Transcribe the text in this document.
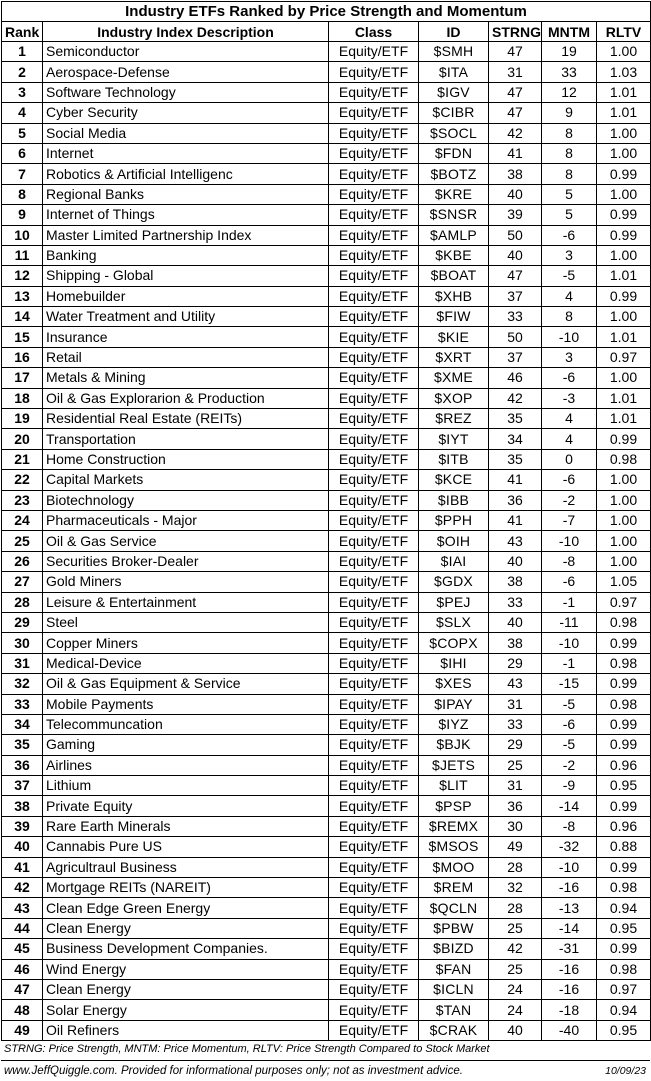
Industry ETFs Ranked by Price Strength and Momentum						
Rank	Industry Index Description	Class	ID	STRNG	MNTM	RLTV
1	Semiconductor	Equity/ETF	$SMH	47	19	1.00
2	Aerospace-Defense	Equity/ETF	$ITA	31	33	1.03
3	Software Technology	Equity/ETF	$IGV	47	12	1.01
4	Cyber Security	Equity/ETF	$CIBR	47	9	1.01
5	Social Media	Equity/ETF	$SOCL	42	8	1.00
6	Internet	Equity/ETF	$FDN	41	8	1.00
7	Robotics & Artificial Intelligenc	Equity/ETF	$BOTZ	38	8	0.99
8	Regional Banks	Equity/ETF	$KRE	40	5	1.00
9	Internet of Things	Equity/ETF	$SNSR	39	5	0.99
10	Master Limited Partnership Index	Equity/ETF	$AMLP	50	-6	0.99
11	Banking	Equity/ETF	$KBE	40	3	1.00
12	Shipping - Global	Equity/ETF	$BOAT	47	-5	1.01
13	Homebuilder	Equity/ETF	$XHB	37	4	0.99
14	Water Treatment and Utility	Equity/ETF	$FIW	33	8	1.00
15	Insurance	Equity/ETF	$KIE	50	-10	1.01
16	Retail	Equity/ETF	$XRT	37	3	0.97
17	Metals & Mining	Equity/ETF	$XME	46	-6	1.00
18	Oil & Gas Explorarion & Production	Equity/ETF	$XOP	42	-3	1.01
19	Residential Real Estate (REITs)	Equity/ETF	$REZ	35	4	1.01
20	Transportation	Equity/ETF	$IYT	34	4	0.99
21	Home Construction	Equity/ETF	$ITB	35	0	0.98
22	Capital Markets	Equity/ETF	$KCE	41	-6	1.00
23	Biotechnology	Equity/ETF	$IBB	36	-2	1.00
24	Pharmaceuticals - Major	Equity/ETF	$PPH	41	-7	1.00
25	Oil & Gas Service	Equity/ETF	$OIH	43	-10	1.00
26	Securities Broker-Dealer	Equity/ETF	$IAI	40	-8	1.00
27	Gold Miners	Equity/ETF	$GDX	38	-6	1.05
28	Leisure & Entertainment	Equity/ETF	$PEJ	33	-1	0.97
29	Steel	Equity/ETF	$SLX	40	-11	0.98
30	Copper Miners	Equity/ETF	$COPX	38	-10	0.99
31	Medical-Device	Equity/ETF	$IHI	29	-1	0.98
32	Oil & Gas Equipment & Service	Equity/ETF	$XES	43	-15	0.99
33	Mobile Payments	Equity/ETF	$IPAY	31	-5	0.98
34	Telecommuncation	Equity/ETF	$IYZ	33	-6	0.99
35	Gaming	Equity/ETF	$BJK	29	-5	0.99
36	Airlines	Equity/ETF	$JETS	25	-2	0.96
37	Lithium	Equity/ETF	$LIT	31	-9	0.95
38	Private Equity	Equity/ETF	$PSP	36	-14	0.99
39	Rare Earth Minerals	Equity/ETF	$REMX	30	-8	0.96
40	Cannabis Pure US	Equity/ETF	$MSOS	49	-32	0.88
41	Agricultraul Business	Equity/ETF	$MOO	28	-10	0.99
42	Mortgage REITs (NAREIT)	Equity/ETF	$REM	32	-16	0.98
43	Clean Edge Green Energy	Equity/ETF	$QCLN	28	-13	0.94
44	Clean Energy	Equity/ETF	$PBW	25	-14	0.95
45	Business Development Companies.	Equity/ETF	$BIZD	42	-31	0.99
46	Wind Energy	Equity/ETF	$FAN	25	-16	0.98
47	Clean Energy	Equity/ETF	$ICLN	24	-16	0.97
48	Solar Energy	Equity/ETF	$TAN	24	-18	0.94
49	Oil Refiners	Equity/ETF	$CRAK	40	-40	0.95
STRNG: Price Strength, MNTM: Price Momentum, RLTV: Price Strength Compared to Stock Market
www.JeffQuiggle.com. Provided for informational purposes only; not as investment advice.	10/09/23
